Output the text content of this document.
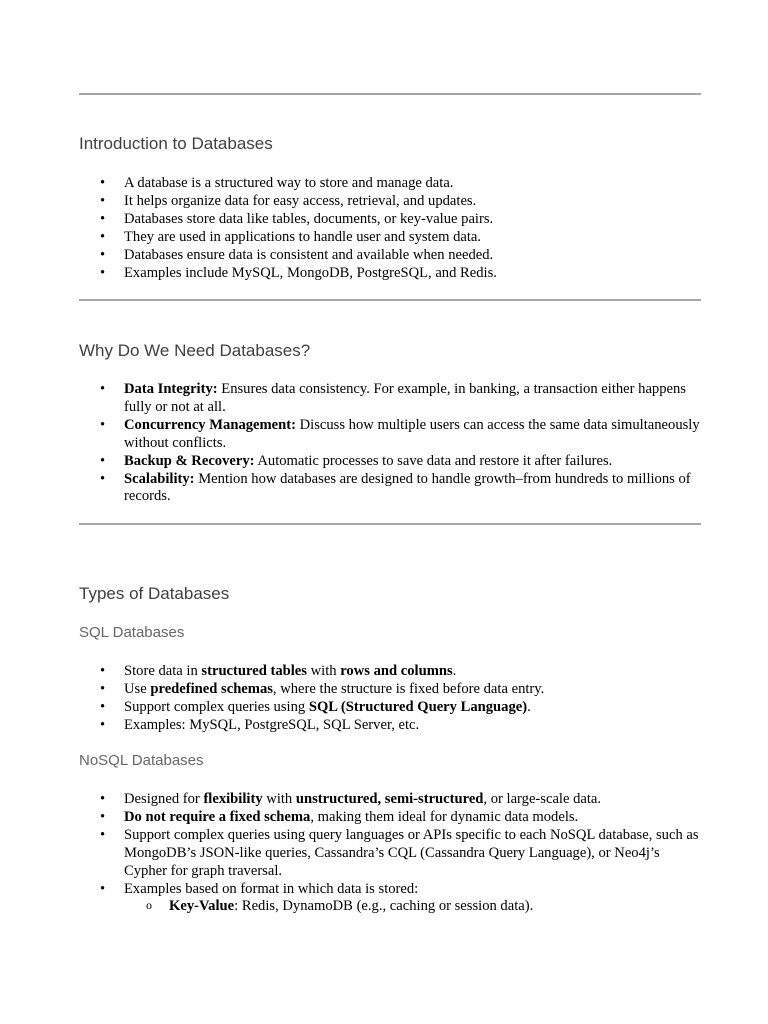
Introduction to Databases
• A database is a structured way to store and manage data.
• It helps organize data for easy access, retrieval, and updates.
• Databases store data like tables, documents, or key-value pairs.
• They are used in applications to handle user and system data.
• Databases ensure data is consistent and available when needed.
• Examples include MySQL, MongoDB, PostgreSQL, and Redis.
Why Do We Need Databases?
• Data Integrity: Ensures data consistency. For example, in banking, a transaction either happens fully or not at all.
• Concurrency Management: Discuss how multiple users can access the same data simultaneously without conflicts.
• Backup & Recovery: Automatic processes to save data and restore it after failures.
• Scalability: Mention how databases are designed to handle growth–from hundreds to millions of records.
Types of Databases
SQL Databases
• Store data in structured tables with rows and columns.
• Use predefined schemas, where the structure is fixed before data entry.
• Support complex queries using SQL (Structured Query Language).
• Examples: MySQL, PostgreSQL, SQL Server, etc.
NoSQL Databases
• Designed for flexibility with unstructured, semi-structured, or large-scale data.
• Do not require a fixed schema, making them ideal for dynamic data models.
• Support complex queries using query languages or APIs specific to each NoSQL database, such as MongoDB’s JSON-like queries, Cassandra’s CQL (Cassandra Query Language), or Neo4j’s Cypher for graph traversal.
• Examples based on format in which data is stored:
o Key-Value: Redis, DynamoDB (e.g., caching or session data).
